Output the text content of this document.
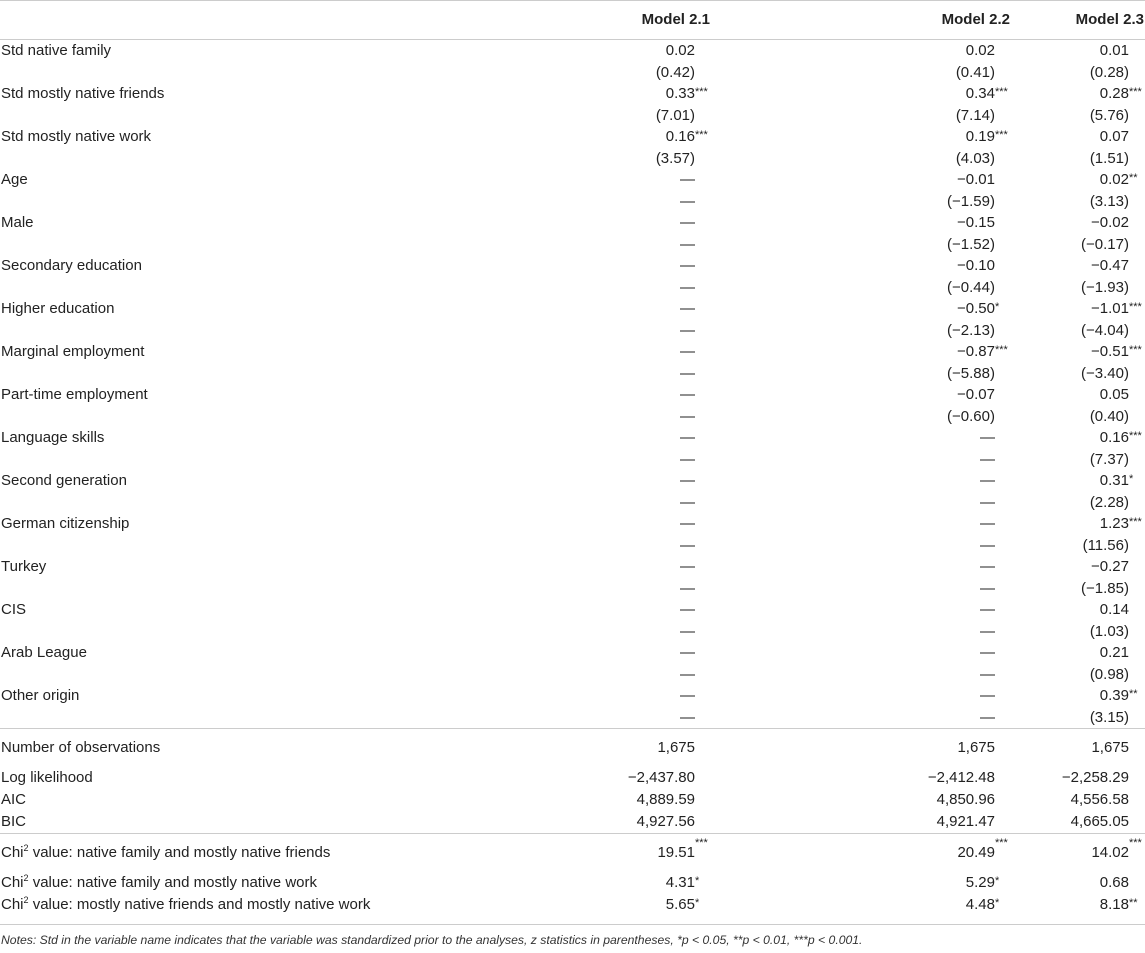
	Model 2.1	Model 2.2	Model 2.3
Std native family	0.02	0.02	0.01
	(0.42)	(0.41)	(0.28)
Std mostly native friends	0.33***	0.34***	0.28***
	(7.01)	(7.14)	(5.76)
Std mostly native work	0.16***	0.19***	0.07
	(3.57)	(4.03)	(1.51)
Age	—	−0.01	0.02**
	—	(−1.59)	(3.13)
Male	—	−0.15	−0.02
	—	(−1.52)	(−0.17)
Secondary education	—	−0.10	−0.47
	—	(−0.44)	(−1.93)
Higher education	—	−0.50*	−1.01***
	—	(−2.13)	(−4.04)
Marginal employment	—	−0.87***	−0.51***
	—	(−5.88)	(−3.40)
Part-time employment	—	−0.07	0.05
	—	(−0.60)	(0.40)
Language skills	—	—	0.16***
	—	—	(7.37)
Second generation	—	—	0.31*
	—	—	(2.28)
German citizenship	—	—	1.23***
	—	—	(11.56)
Turkey	—	—	−0.27
	—	—	(−1.85)
CIS	—	—	0.14
	—	—	(1.03)
Arab League	—	—	0.21
	—	—	(0.98)
Other origin	—	—	0.39**
	—	—	(3.15)
Number of observations	1,675	1,675	1,675
Log likelihood	−2,437.80	−2,412.48	−2,258.29
AIC	4,889.59	4,850.96	4,556.58
BIC	4,927.56	4,921.47	4,665.05
Chi$^2$ value: native family and mostly native friends	19.51***	20.49***	14.02***
Chi$^2$ value: native family and mostly native work	4.31*	5.29*	0.68
Chi$^2$ value: mostly native friends and mostly native work	5.65*	4.48*	8.18**
Notes: Std in the variable name indicates that the variable was standardized prior to the analyses, z statistics in parentheses, *p < 0.05, **p < 0.01, ***p < 0.001.
